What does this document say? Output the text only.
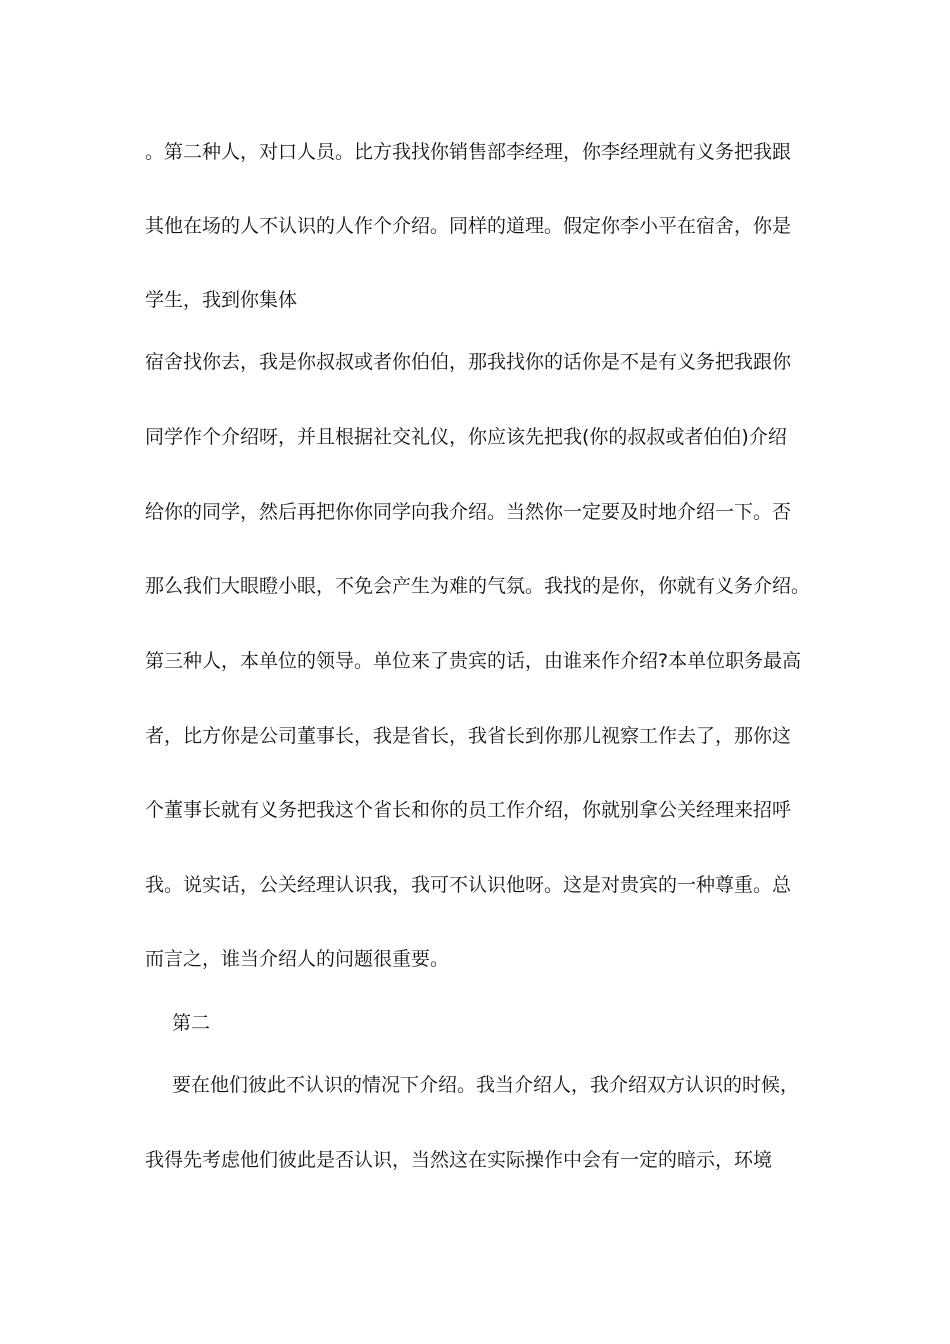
。第二种人，对口人员。比方我找你销售部李经理，你李经理就有义务把我跟
其他在场的人不认识的人作个介绍。同样的道理。假定你李小平在宿舍，你是
学生，我到你集体
宿舍找你去，我是你叔叔或者你伯伯，那我找你的话你是不是有义务把我跟你
同学作个介绍呀，并且根据社交礼仪，你应该先把我(你的叔叔或者伯伯)介绍
给你的同学，然后再把你你同学向我介绍。当然你一定要及时地介绍一下。否
那么我们大眼瞪小眼，不免会产生为难的气氛。我找的是你，你就有义务介绍。
第三种人，本单位的领导。单位来了贵宾的话，由谁来作介绍?本单位职务最高
者，比方你是公司董事长，我是省长，我省长到你那儿视察工作去了，那你这
个董事长就有义务把我这个省长和你的员工作介绍，你就别拿公关经理来招呼
我。说实话，公关经理认识我，我可不认识他呀。这是对贵宾的一种尊重。总
而言之，谁当介绍人的问题很重要。
第二
要在他们彼此不认识的情况下介绍。我当介绍人，我介绍双方认识的时候，
我得先考虑他们彼此是否认识，当然这在实际操作中会有一定的暗示，环境
